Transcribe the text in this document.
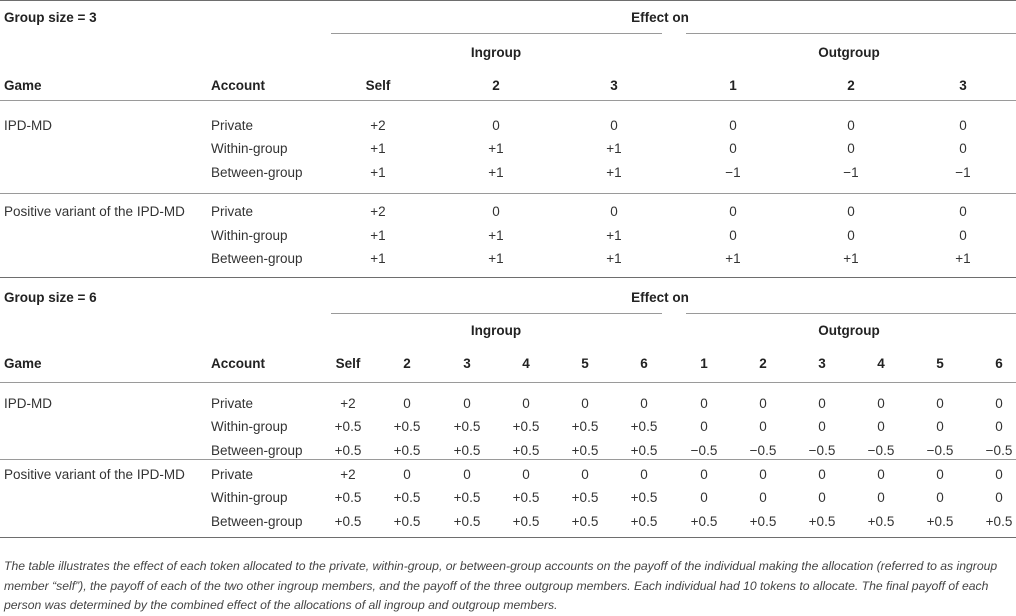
Group size = 3	Effect on
Ingroup	Outgroup
Game	Account	Self	2	3	1	2	3
IPD-MD	Private	+2	0	0	0	0	0
Within-group	+1	+1	+1	0	0	0
Between-group	+1	+1	+1	−1	−1	−1
Positive variant of the IPD-MD Private	+2	0	0	0	0	0
Within-group	+1	+1	+1	0	0	0
Between-group	+1	+1	+1	+1	+1	+1
Group size = 6	Effect on
Ingroup	Outgroup
Game	Account	Self	2	3	4	5	6	1	2	3	4	5	6
IPD-MD	Private	+2	0	0	0	0	0	0	0	0	0	0	0
Within-group	+0.5 +0.5 +0.5 +0.5 +0.5 +0.5	0	0	0	0	0	0
Between-group +0.5 +0.5 +0.5 +0.5 +0.5 +0.5 −0.5 −0.5 −0.5 −0.5 −0.5 −0.5
Positive variant of the IPD-MD Private	+2	0	0	0	0	0	0	0	0	0	0	0
Within-group	+0.5 +0.5 +0.5 +0.5 +0.5 +0.5	0	0	0	0	0	0
Between-group +0.5 +0.5 +0.5 +0.5 +0.5 +0.5 +0.5 +0.5 +0.5 +0.5 +0.5 +0.5

The table illustrates the effect of each token allocated to the private, within-group, or between-group accounts on the payoff of the individual making the allocation (referred to as ingroup member “self”), the payoff of each of the two other ingroup members, and the payoff of the three outgroup members. Each individual had 10 tokens to allocate. The final payoff of each person was determined by the combined effect of the allocations of all ingroup and outgroup members.
